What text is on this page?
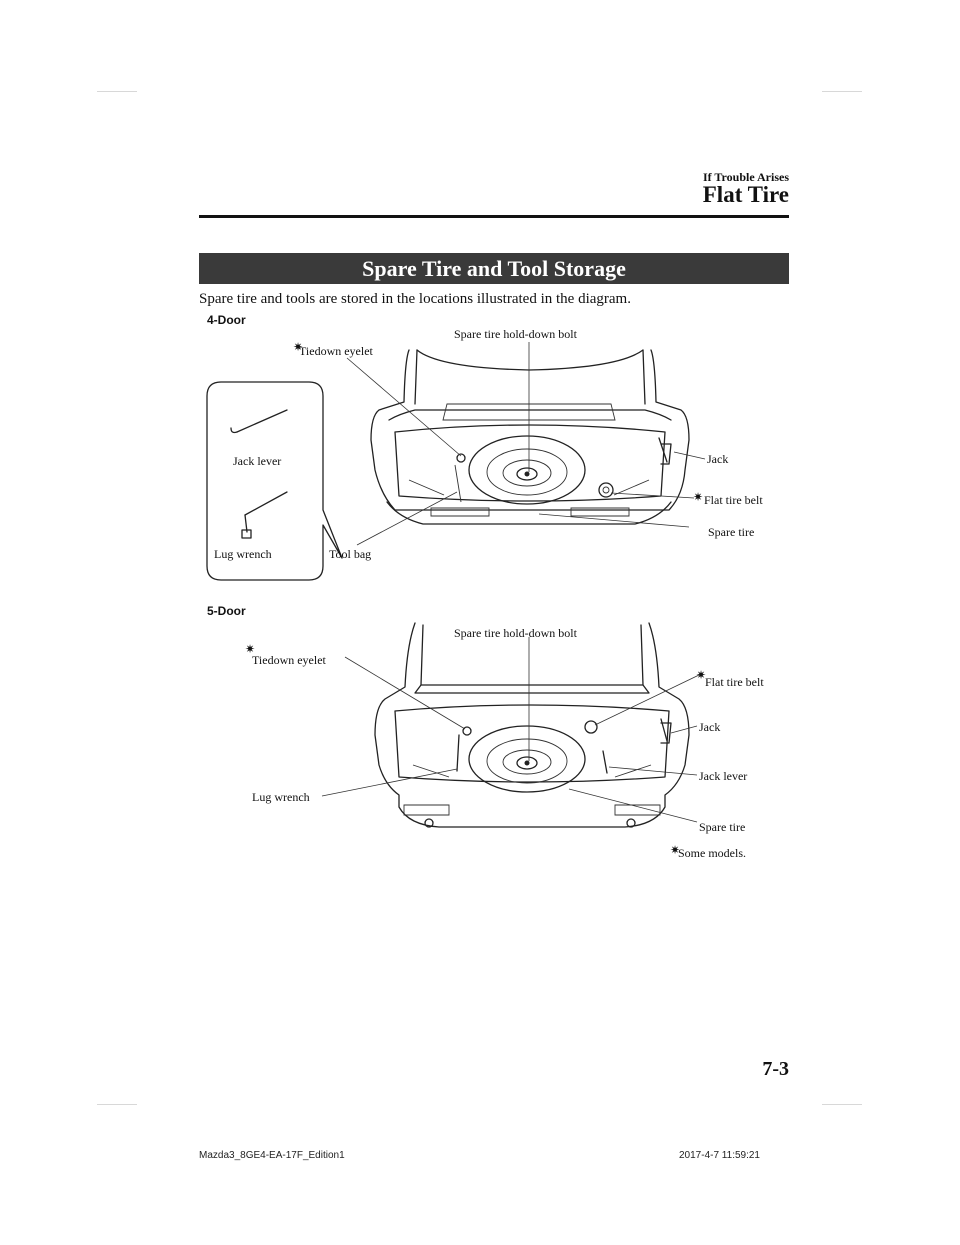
If Trouble Arises
Flat Tire
Spare Tire and Tool Storage
Spare tire and tools are stored in the locations illustrated in the diagram.
4-Door
✷
✷
Spare tire hold-down bolt
Tiedown eyelet
Jack
Flat tire belt
Spare tire
Tool bag
Jack lever
Lug wrench
5-Door
✷
✷
✷
Spare tire hold-down bolt
Tiedown eyelet
Flat tire belt
Jack
Jack lever
Lug wrench
Spare tire
Some models.
7-3
Mazda3_8GE4-EA-17F_Edition1	2017-4-7 11:59:21
